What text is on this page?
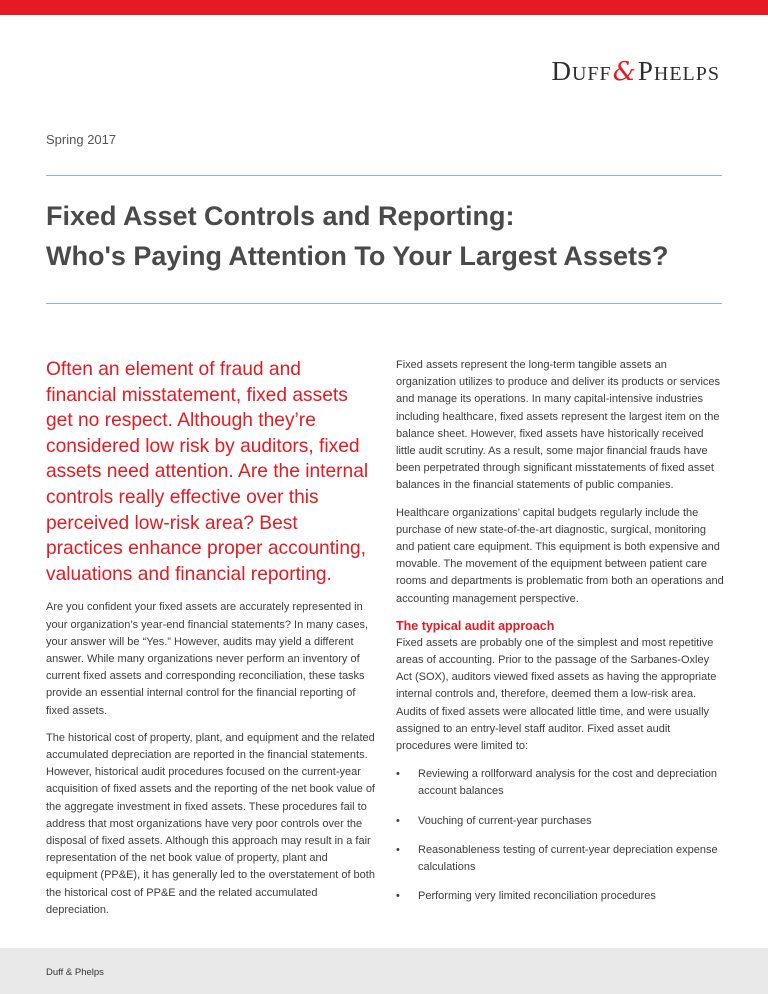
DUFF&PHELPS
Spring 2017
Fixed Asset Controls and Reporting:
Who's Paying Attention To Your Largest Assets?

Often an element of fraud and financial misstatement, fixed assets get no respect. Although they’re considered low risk by auditors, fixed assets need attention. Are the internal controls really effective over this perceived low-risk area? Best practices enhance proper accounting, valuations and financial reporting.

Are you confident your fixed assets are accurately represented in your organization’s year-end financial statements? In many cases, your answer will be “Yes.” However, audits may yield a different answer. While many organizations never perform an inventory of current fixed assets and corresponding reconciliation, these tasks provide an essential internal control for the financial reporting of fixed assets.

The historical cost of property, plant, and equipment and the related accumulated depreciation are reported in the financial statements. However, historical audit procedures focused on the current-year acquisition of fixed assets and the reporting of the net book value of the aggregate investment in fixed assets. These procedures fail to address that most organizations have very poor controls over the disposal of fixed assets. Although this approach may result in a fair representation of the net book value of property, plant and equipment (PP&E), it has generally led to the overstatement of both the historical cost of PP&E and the related accumulated depreciation.

Fixed assets represent the long-term tangible assets an organization utilizes to produce and deliver its products or services and manage its operations. In many capital-intensive industries including healthcare, fixed assets represent the largest item on the balance sheet. However, fixed assets have historically received little audit scrutiny. As a result, some major financial frauds have been perpetrated through significant misstatements of fixed asset balances in the financial statements of public companies.

Healthcare organizations’ capital budgets regularly include the purchase of new state-of-the-art diagnostic, surgical, monitoring and patient care equipment. This equipment is both expensive and movable. The movement of the equipment between patient care rooms and departments is problematic from both an operations and accounting management perspective.

The typical audit approach

Fixed assets are probably one of the simplest and most repetitive areas of accounting. Prior to the passage of the Sarbanes-Oxley Act (SOX), auditors viewed fixed assets as having the appropriate internal controls and, therefore, deemed them a low-risk area. Audits of fixed assets were allocated little time, and were usually assigned to an entry-level staff auditor. Fixed asset audit procedures were limited to:

• Reviewing a rollforward analysis for the cost and depreciation account balances
• Vouching of current-year purchases
• Reasonableness testing of current-year depreciation expense calculations
• Performing very limited reconciliation procedures
Duff & Phelps
